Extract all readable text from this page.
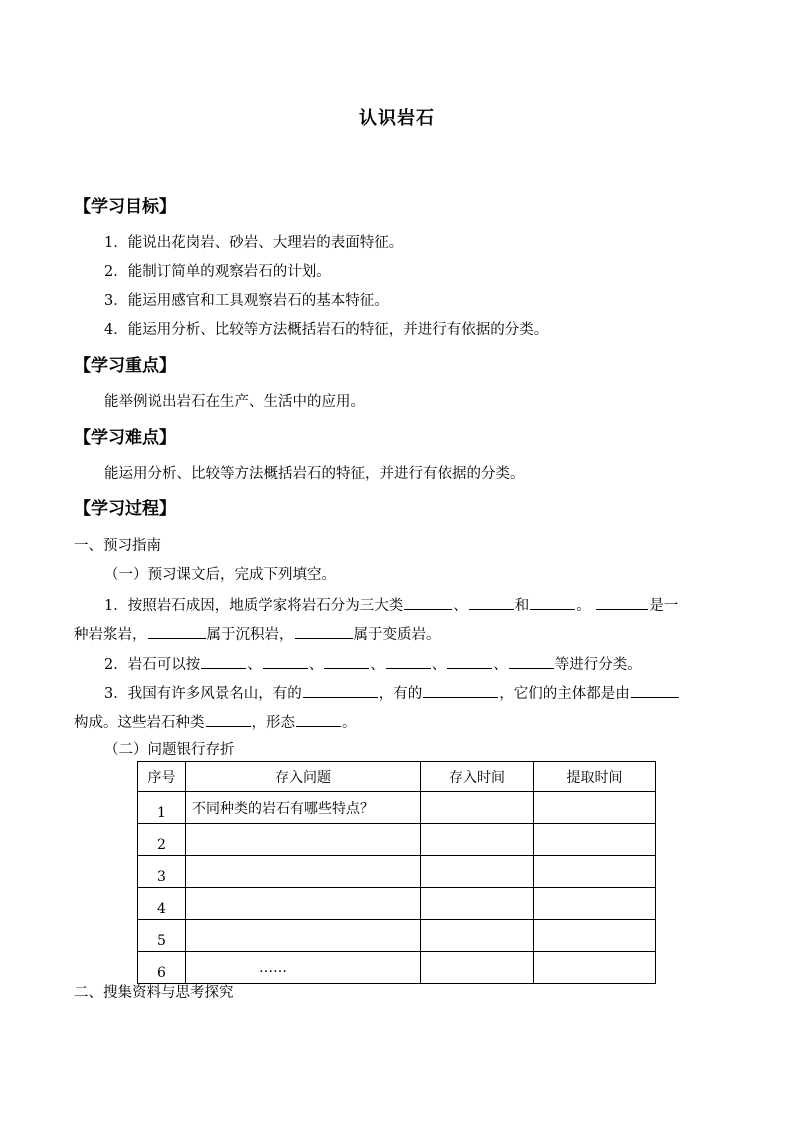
认识岩石
【学习目标】
1．能说出花岗岩、砂岩、大理岩的表面特征。
2．能制订简单的观察岩石的计划。
3．能运用感官和工具观察岩石的基本特征。
4．能运用分析、比较等方法概括岩石的特征，并进行有依据的分类。
【学习重点】
能举例说出岩石在生产、生活中的应用。
【学习难点】
能运用分析、比较等方法概括岩石的特征，并进行有依据的分类。
【学习过程】
一、预习指南
（一）预习课文后，完成下列填空。
1．按照岩石成因，地质学家将岩石分为三大类	、	和	。	是一
种岩浆岩，	属于沉积岩，	属于变质岩。
2．岩石可以按	、	、	、	、	、	等进行分类。
3．我国有许多风景名山，有的	，有的	，它们的主体都是由
构成。这些岩石种类	，形态	。
（二）问题银行存折
序号	存入问题	存入时间	提取时间
1	不同种类的岩石有哪些特点？		
2			
3			
4			
5			
6	……		
二、搜集资料与思考探究
